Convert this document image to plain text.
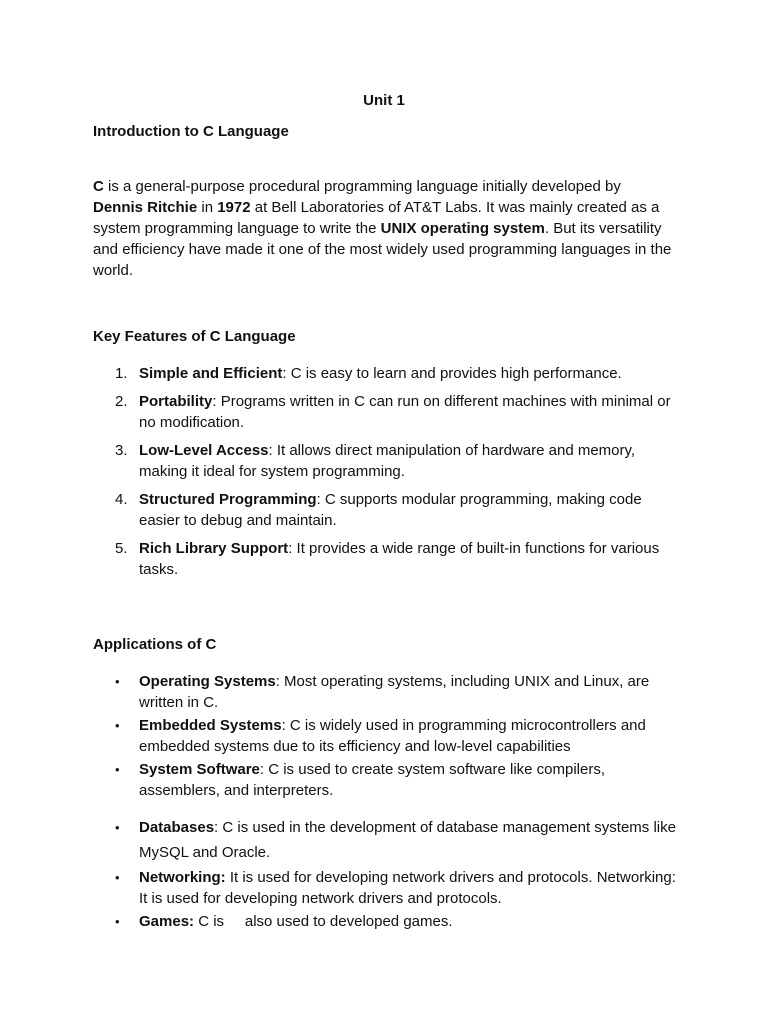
Unit 1
Introduction to C Language

C is a general-purpose procedural programming language initially developed by Dennis Ritchie in 1972 at Bell Laboratories of AT&T Labs. It was mainly created as a system programming language to write the UNIX operating system. But its versatility and efficiency have made it one of the most widely used programming languages in the world.

Key Features of C Language
1. Simple and Efficient: C is easy to learn and provides high performance.
2. Portability: Programs written in C can run on different machines with minimal or no modification.
3. Low-Level Access: It allows direct manipulation of hardware and memory, making it ideal for system programming.
4. Structured Programming: C supports modular programming, making code easier to debug and maintain.
5. Rich Library Support: It provides a wide range of built-in functions for various tasks.
Applications of C
• Operating Systems: Most operating systems, including UNIX and Linux, are written in C.
• Embedded Systems: C is widely used in programming microcontrollers and embedded systems due to its efficiency and low-level capabilities
• System Software: C is used to create system software like compilers, assemblers, and interpreters.
• Databases: C is used in the development of database management systems like MySQL and Oracle.
• Networking: It is used for developing network drivers and protocols. Networking: It is used for developing network drivers and protocols.
• Games: C is     also used to developed games.
